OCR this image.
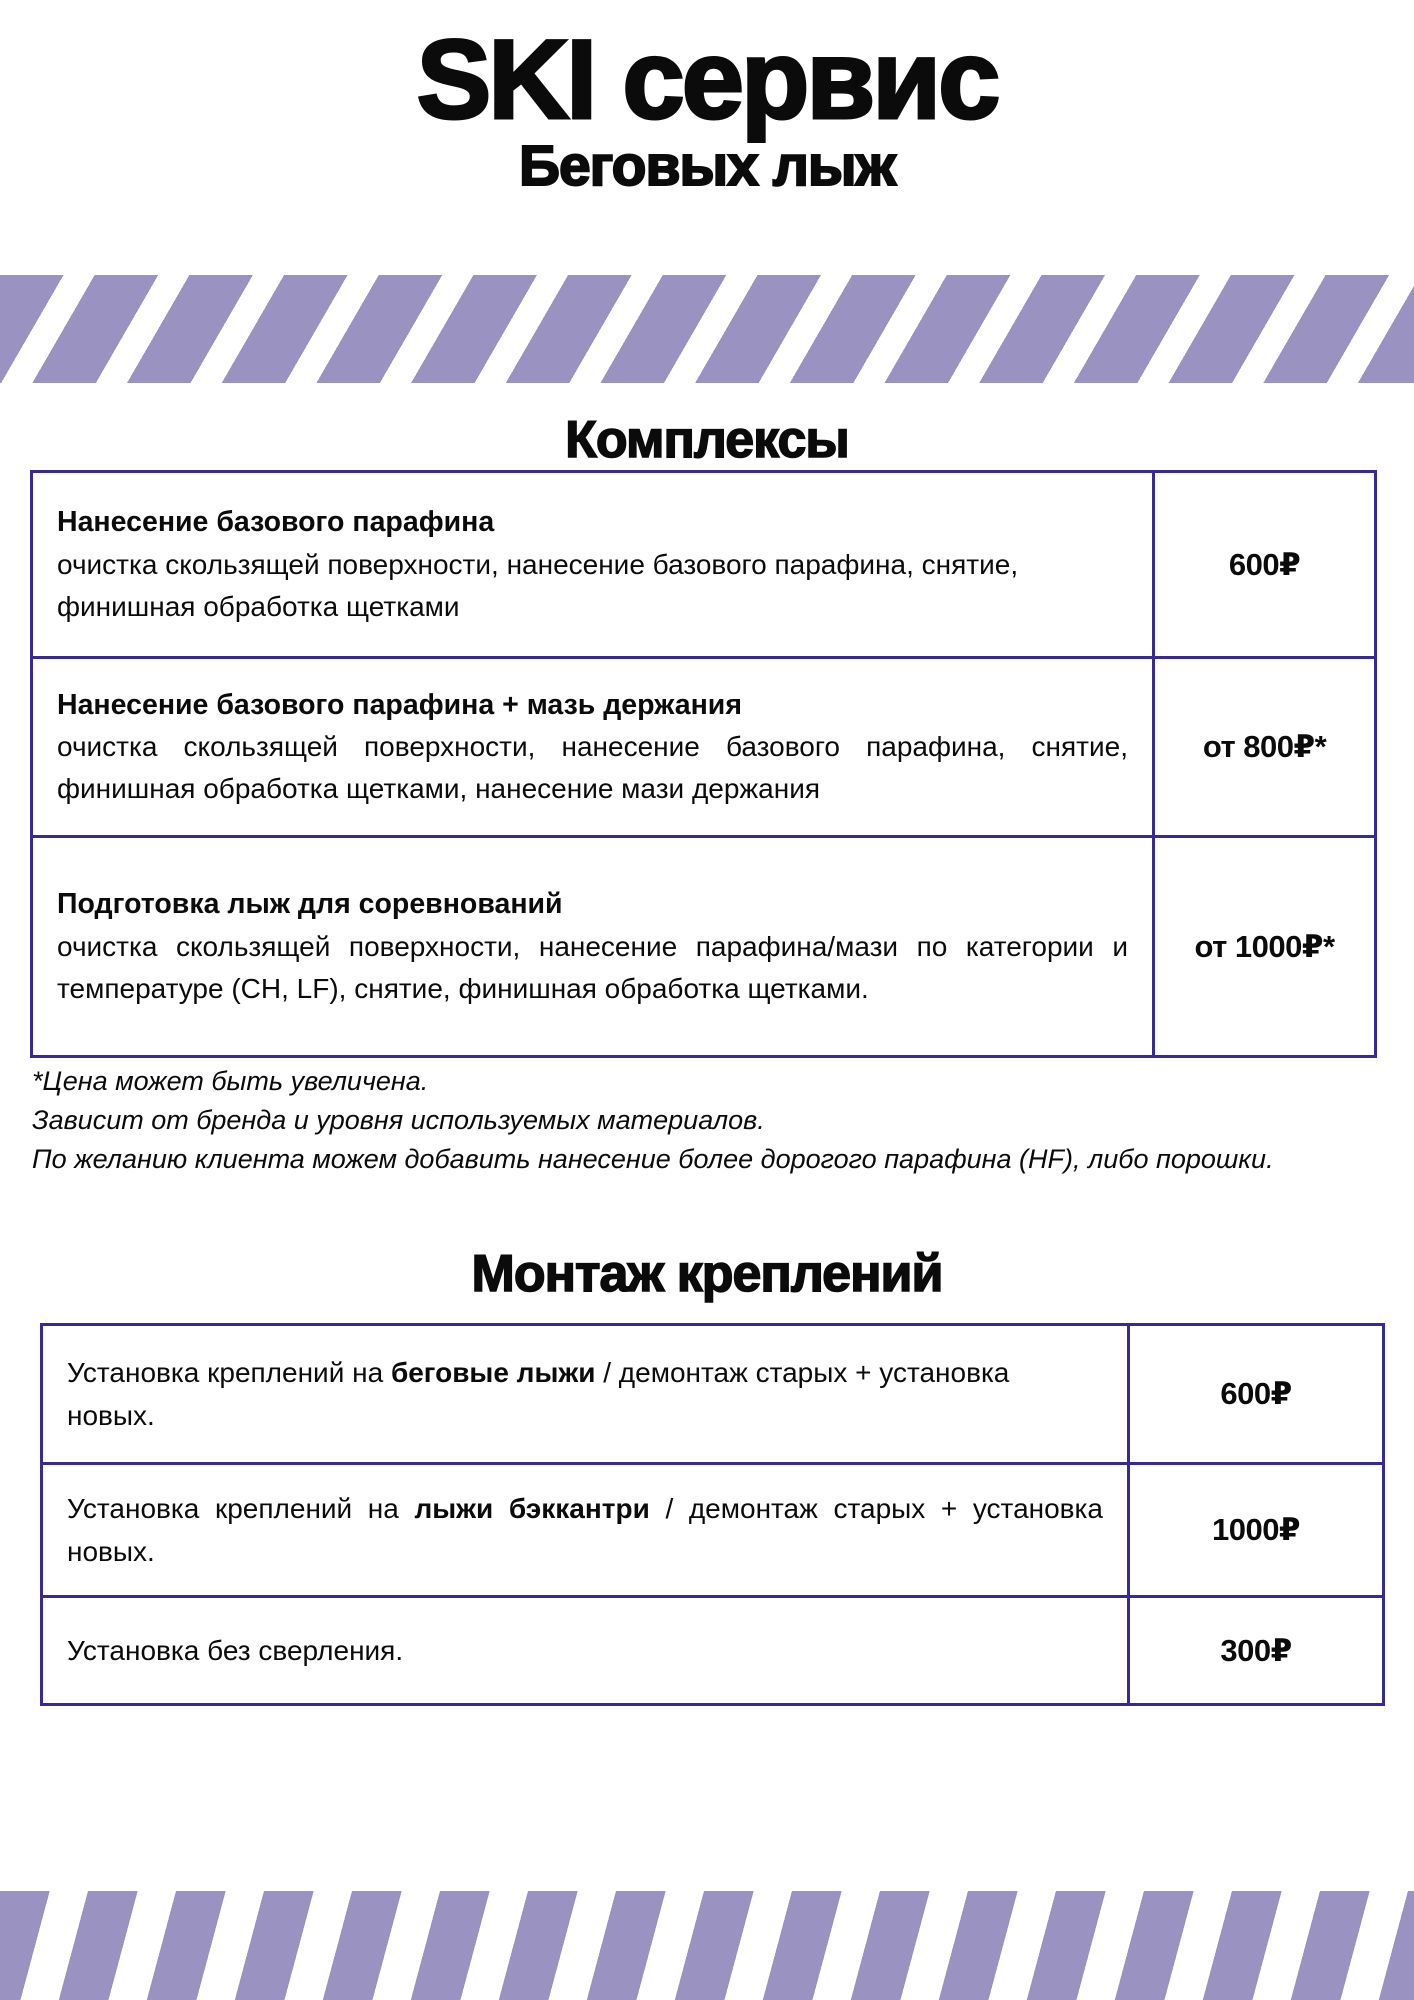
SKI сервис
Беговых лыж
Комплексы
Нанесение базового парафина
очистка скользящей поверхности, нанесение базового парафина, снятие, финишная обработка щетками
600₽
Нанесение базового парафина + мазь держания
очистка скользящей поверхности, нанесение базового парафина, снятие, финишная обработка щетками, нанесение мази держания
от 800₽*
Подготовка лыж для соревнований
очистка скользящей поверхности, нанесение парафина/мази по категории и температуре (CH, LF), снятие, финишная обработка щетками.
от 1000₽*
*Цена может быть увеличена.
Зависит от бренда и уровня используемых материалов.
По желанию клиента можем добавить нанесение более дорогого парафина (HF), либо порошки.
Монтаж креплений
Установка креплений на беговые лыжи / демонтаж старых + установка новых.
600₽
Установка креплений на лыжи бэккантри / демонтаж старых + установка новых.
1000₽
Установка без сверления.	300₽
